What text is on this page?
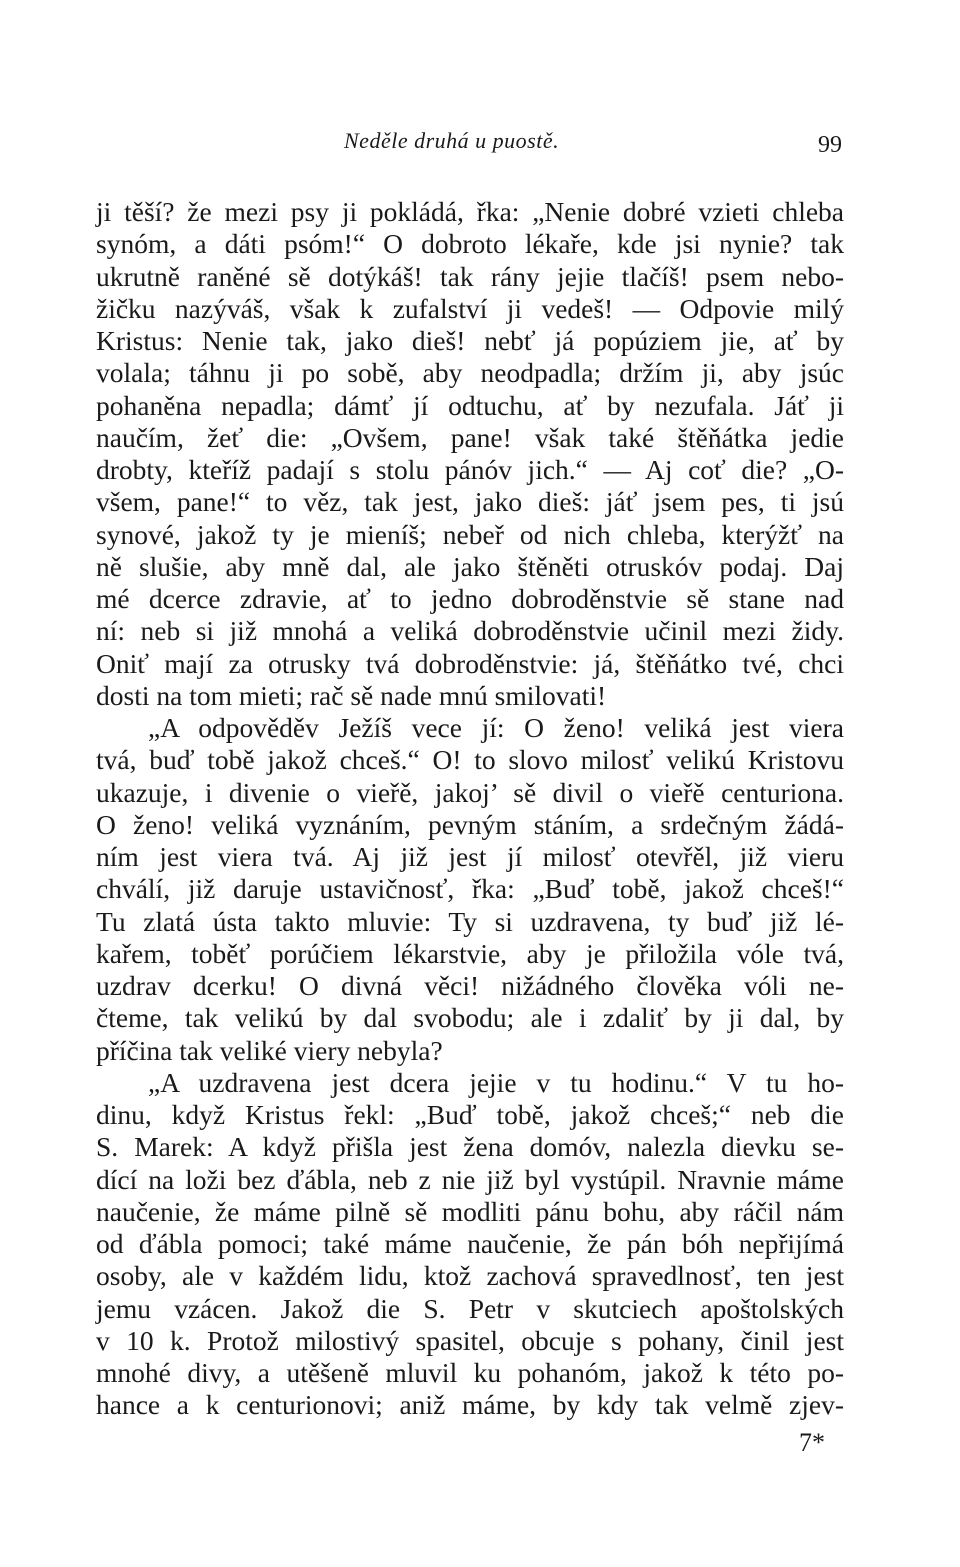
Neděle druhá u puostě.	99
ji těší? že mezi psy ji pokládá, řka: „Nenie dobré vzieti chleba
synóm, a dáti psóm!“ O dobroto lékaře, kde jsi nynie? tak
ukrutně raněné sě dotýkáš! tak rány jejie tlačíš! psem nebo-
žičku nazýváš, však k zufalství ji vedeš! — Odpovie milý
Kristus: Nenie tak, jako dieš! nebť já popúziem jie, ať by
volala; táhnu ji po sobě, aby neodpadla; držím ji, aby jsúc
pohaněna nepadla; dámť jí odtuchu, ať by nezufala. Jáť ji
naučím, žeť die: „Ovšem, pane! však také štěňátka jedie
drobty, kteříž padají s stolu pánóv jich.“ — Aj coť die? „O-
všem, pane!“ to věz, tak jest, jako dieš: jáť jsem pes, ti jsú
synové, jakož ty je mieníš; nebeř od nich chleba, kterýžť na
ně slušie, aby mně dal, ale jako štěněti otruskóv podaj. Daj
mé dcerce zdravie, ať to jedno dobroděnstvie sě stane nad
ní: neb si již mnohá a veliká dobroděnstvie učinil mezi židy.
Oniť mají za otrusky tvá dobroděnstvie: já, štěňátko tvé, chci
dosti na tom mieti; rač sě nade mnú smilovati!
„A odpověděv Ježíš vece jí: O ženo! veliká jest viera
tvá, buď tobě jakož chceš.“ O! to slovo milosť velikú Kristovu
ukazuje, i divenie o vieřě, jakoj’ sě divil o vieřě centuriona.
O ženo! veliká vyznáním, pevným stáním, a srdečným žádá-
ním jest viera tvá. Aj již jest jí milosť otevřěl, již vieru
chválí, již daruje ustavičnosť, řka: „Buď tobě, jakož chceš!“
Tu zlatá ústa takto mluvie: Ty si uzdravena, ty buď již lé-
kařem, toběť porúčiem lékarstvie, aby je přiložila vóle tvá,
uzdrav dcerku! O divná věci! nižádného člověka vóli ne-
čteme, tak velikú by dal svobodu; ale i zdaliť by ji dal, by
příčina tak veliké viery nebyla?
„A uzdravena jest dcera jejie v tu hodinu.“ V tu ho-
dinu, když Kristus řekl: „Buď tobě, jakož chceš;“ neb die
S. Marek: A když přišla jest žena domóv, nalezla dievku se-
dící na loži bez ďábla, neb z nie již byl vystúpil. Nravnie máme
naučenie, že máme pilně sě modliti pánu bohu, aby ráčil nám
od ďábla pomoci; také máme naučenie, že pán bóh nepřijímá
osoby, ale v každém lidu, ktož zachová spravedlnosť, ten jest
jemu vzácen. Jakož die S. Petr v skutciech apoštolských
v 10 k. Protož milostivý spasitel, obcuje s pohany, činil jest
mnohé divy, a utěšeně mluvil ku pohanóm, jakož k této po-
hance a k centurionovi; aniž máme, by kdy tak velmě zjev-
7*
